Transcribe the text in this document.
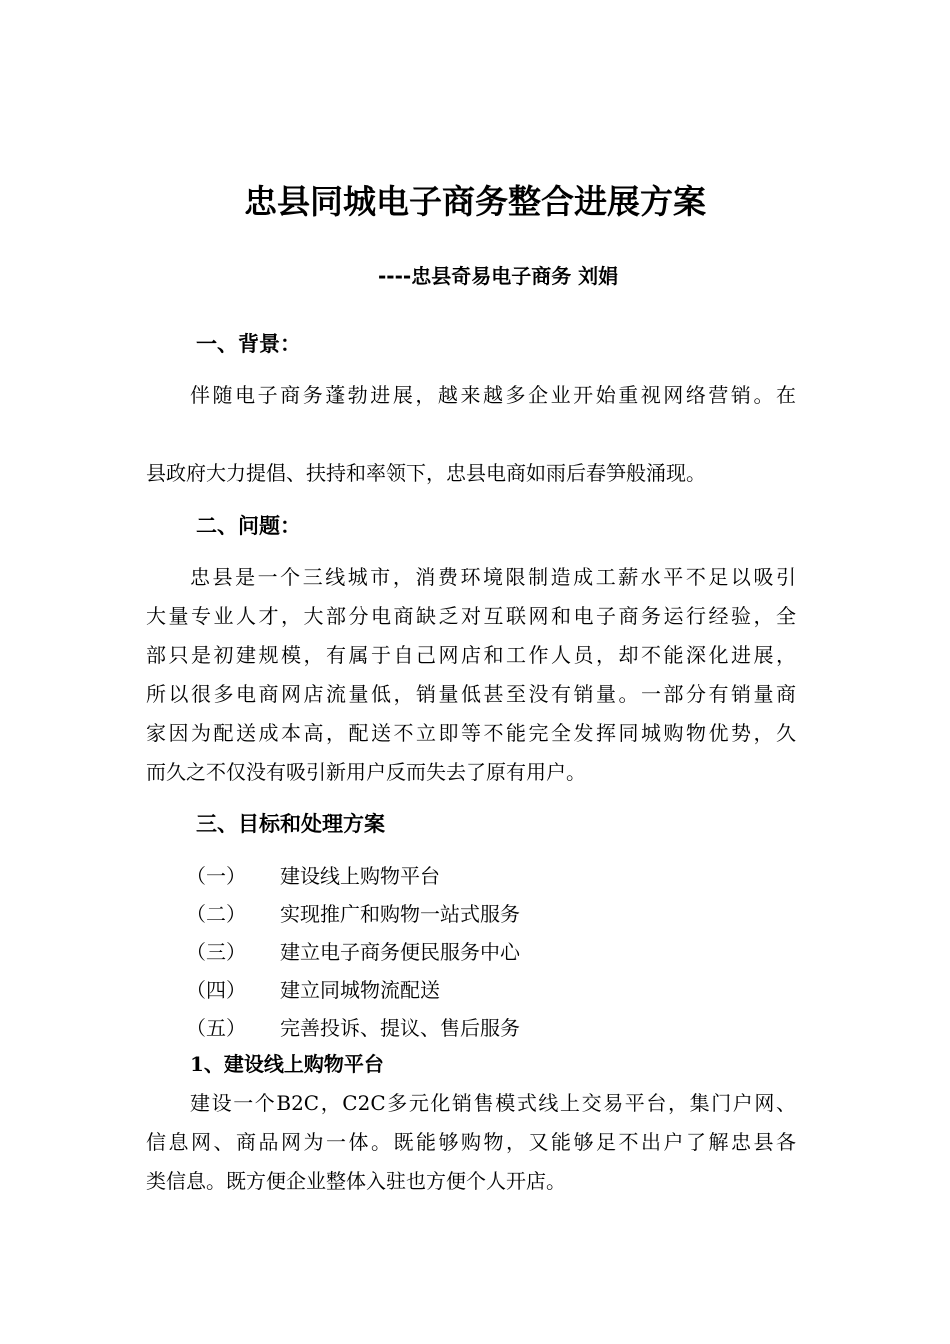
忠县同城电子商务整合进展方案
----忠县奇易电子商务 刘娟
一、背景：
伴随电子商务蓬勃进展，越来越多企业开始重视网络营销。在
县政府大力提倡、扶持和率领下，忠县电商如雨后春笋般涌现。
二、问题：
忠县是一个三线城市，消费环境限制造成工薪水平不足以吸引
大量专业人才，大部分电商缺乏对互联网和电子商务运行经验，全
部只是初建规模，有属于自己网店和工作人员，却不能深化进展，
所以很多电商网店流量低，销量低甚至没有销量。一部分有销量商
家因为配送成本高，配送不立即等不能完全发挥同城购物优势，久
而久之不仅没有吸引新用户反而失去了原有用户。
三、目标和处理方案
（一）	建设线上购物平台
（二）	实现推广和购物一站式服务
（三）	建立电子商务便民服务中心
（四）	建立同城物流配送
（五）	完善投诉、提议、售后服务
1、建设线上购物平台
建设一个B2C，C2C多元化销售模式线上交易平台，集门户网、
信息网、商品网为一体。既能够购物，又能够足不出户了解忠县各
类信息。既方便企业整体入驻也方便个人开店。
